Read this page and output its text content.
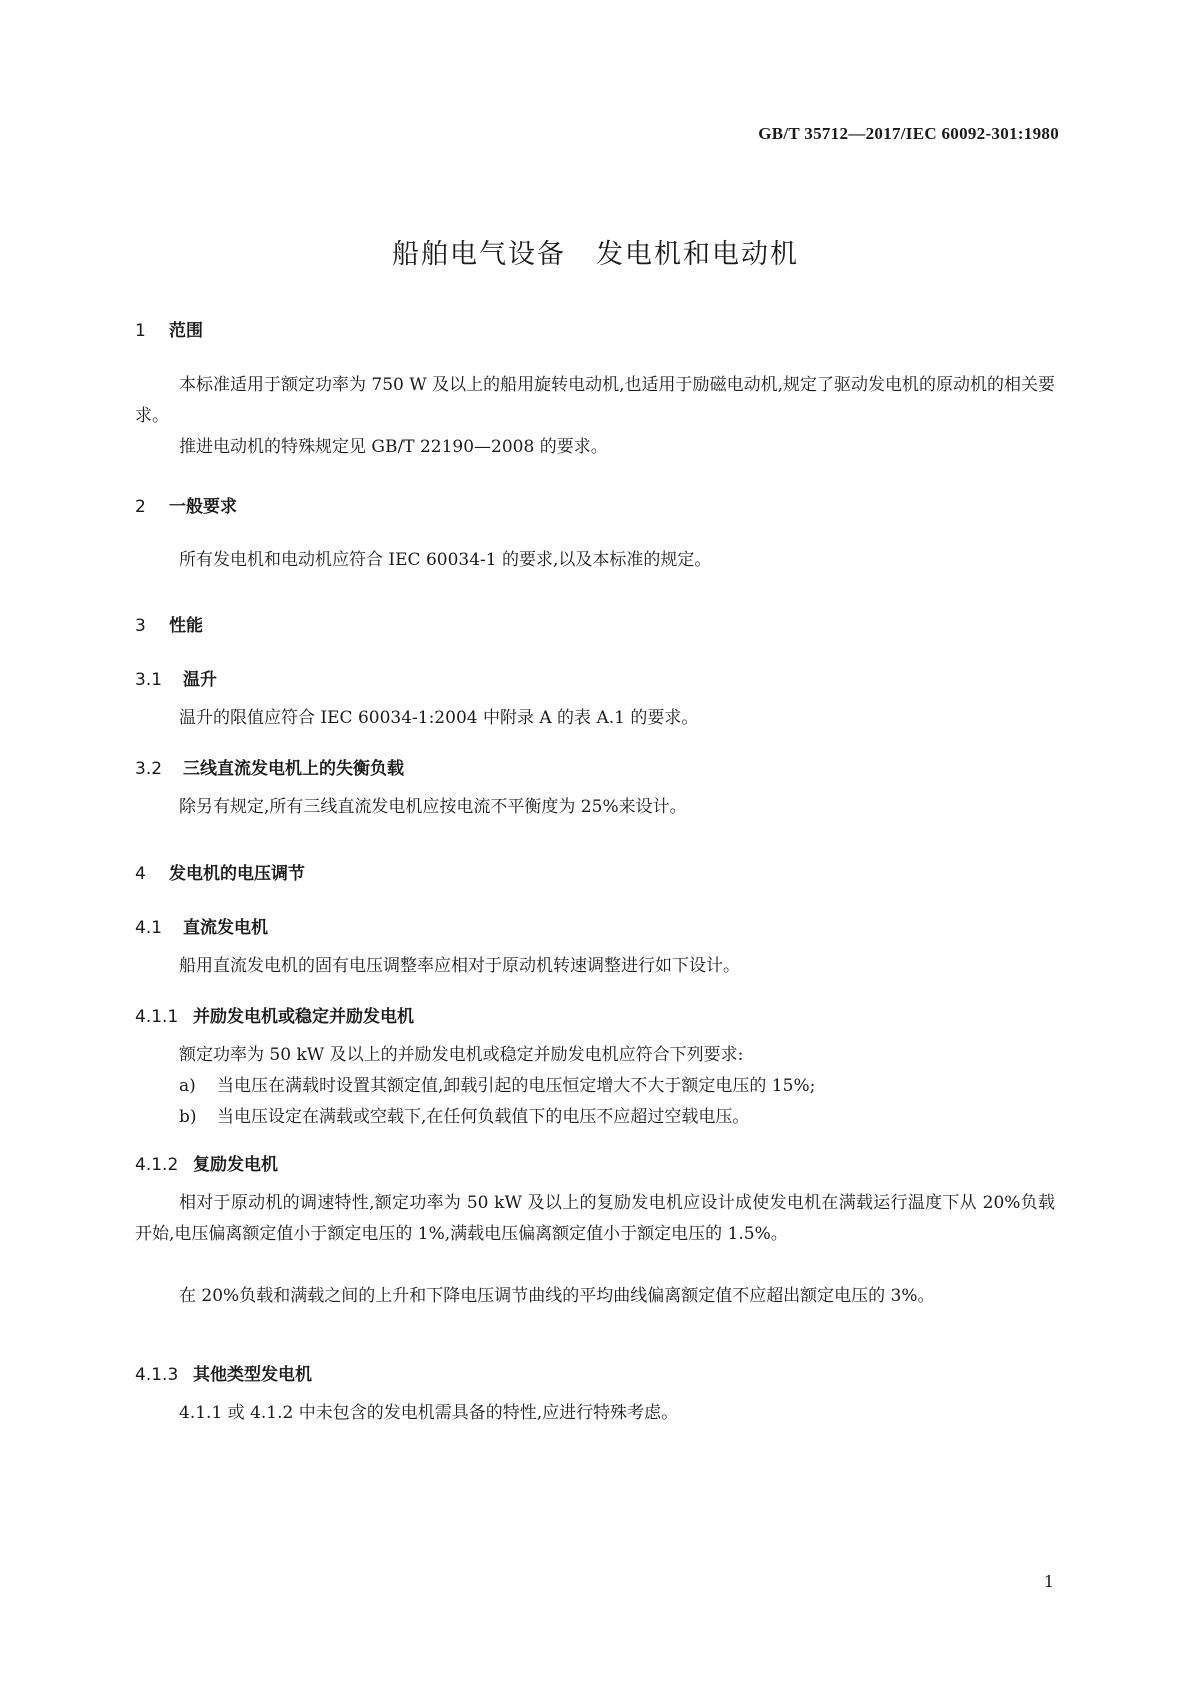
GB/T 35712—2017/IEC 60092-301:1980
船舶电气设备 发电机和电动机
1 范围
本标准适用于额定功率为 750 W 及以上的船用旋转电动机,也适用于励磁电动机,规定了驱动发电机的原动机的相关要求。
推进电动机的特殊规定见 GB/T 22190—2008 的要求。
2 一般要求
所有发电机和电动机应符合 IEC 60034-1 的要求,以及本标准的规定。
3 性能
3.1 温升
温升的限值应符合 IEC 60034-1:2004 中附录 A 的表 A.1 的要求。
3.2 三线直流发电机上的失衡负载
除另有规定,所有三线直流发电机应按电流不平衡度为 25%来设计。
4 发电机的电压调节
4.1 直流发电机
船用直流发电机的固有电压调整率应相对于原动机转速调整进行如下设计。
4.1.1 并励发电机或稳定并励发电机
额定功率为 50 kW 及以上的并励发电机或稳定并励发电机应符合下列要求:
a) 当电压在满载时设置其额定值,卸载引起的电压恒定增大不大于额定电压的 15%;
b) 当电压设定在满载或空载下,在任何负载值下的电压不应超过空载电压。
4.1.2 复励发电机
相对于原动机的调速特性,额定功率为 50 kW 及以上的复励发电机应设计成使发电机在满载运行温度下从 20%负载开始,电压偏离额定值小于额定电压的 1%,满载电压偏离额定值小于额定电压的 1.5%。
在 20%负载和满载之间的上升和下降电压调节曲线的平均曲线偏离额定值不应超出额定电压的 3%。
4.1.3 其他类型发电机
4.1.1 或 4.1.2 中未包含的发电机需具备的特性,应进行特殊考虑。
1
